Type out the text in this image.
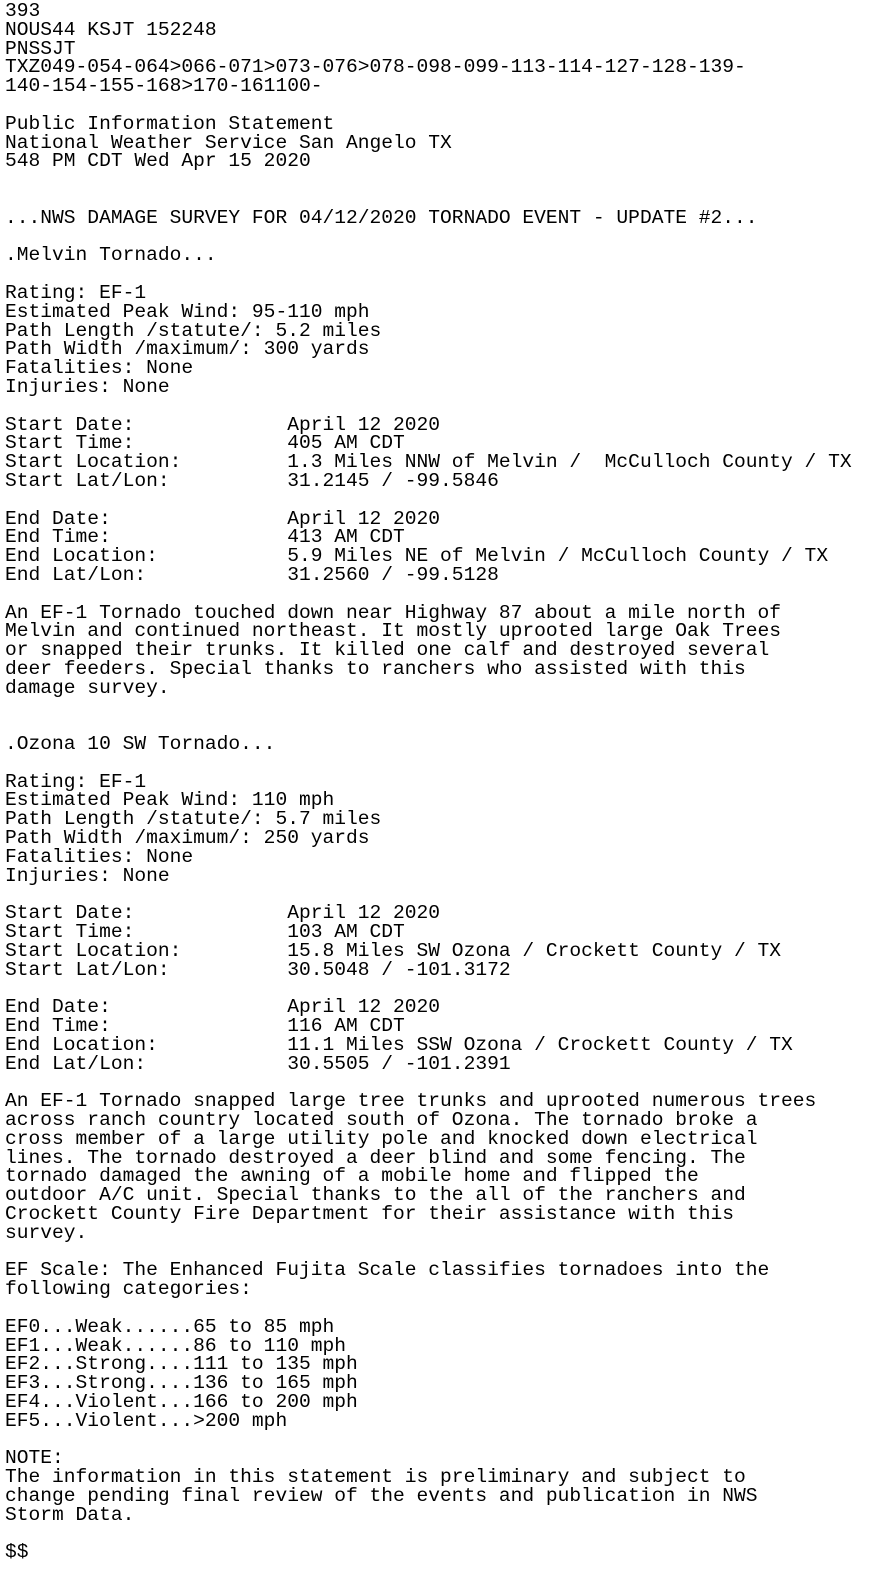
393
NOUS44 KSJT 152248
PNSSJT
TXZ049-054-064>066-071>073-076>078-098-099-113-114-127-128-139-
140-154-155-168>170-161100-
Public Information Statement
National Weather Service San Angelo TX
548 PM CDT Wed Apr 15 2020
...NWS DAMAGE SURVEY FOR 04/12/2020 TORNADO EVENT - UPDATE #2...
.Melvin Tornado...
Rating: EF-1
Estimated Peak Wind: 95-110 mph
Path Length /statute/: 5.2 miles
Path Width /maximum/: 300 yards
Fatalities: None
Injuries: None
Start Date:             April 12 2020
Start Time:             405 AM CDT
Start Location:         1.3 Miles NNW of Melvin /  McCulloch County / TX
Start Lat/Lon:          31.2145 / -99.5846
End Date:               April 12 2020
End Time:               413 AM CDT
End Location:           5.9 Miles NE of Melvin / McCulloch County / TX
End Lat/Lon:            31.2560 / -99.5128
An EF-1 Tornado touched down near Highway 87 about a mile north of
Melvin and continued northeast. It mostly uprooted large Oak Trees
or snapped their trunks. It killed one calf and destroyed several
deer feeders. Special thanks to ranchers who assisted with this
damage survey.
.Ozona 10 SW Tornado...
Rating: EF-1
Estimated Peak Wind: 110 mph
Path Length /statute/: 5.7 miles
Path Width /maximum/: 250 yards
Fatalities: None
Injuries: None
Start Date:             April 12 2020
Start Time:             103 AM CDT
Start Location:         15.8 Miles SW Ozona / Crockett County / TX
Start Lat/Lon:          30.5048 / -101.3172
End Date:               April 12 2020
End Time:               116 AM CDT
End Location:           11.1 Miles SSW Ozona / Crockett County / TX
End Lat/Lon:            30.5505 / -101.2391
An EF-1 Tornado snapped large tree trunks and uprooted numerous trees
across ranch country located south of Ozona. The tornado broke a
cross member of a large utility pole and knocked down electrical
lines. The tornado destroyed a deer blind and some fencing. The
tornado damaged the awning of a mobile home and flipped the
outdoor A/C unit. Special thanks to the all of the ranchers and
Crockett County Fire Department for their assistance with this
survey.
EF Scale: The Enhanced Fujita Scale classifies tornadoes into the
following categories:
EF0...Weak......65 to 85 mph
EF1...Weak......86 to 110 mph
EF2...Strong....111 to 135 mph
EF3...Strong....136 to 165 mph
EF4...Violent...166 to 200 mph
EF5...Violent...>200 mph
NOTE:
The information in this statement is preliminary and subject to
change pending final review of the events and publication in NWS
Storm Data.
$$
